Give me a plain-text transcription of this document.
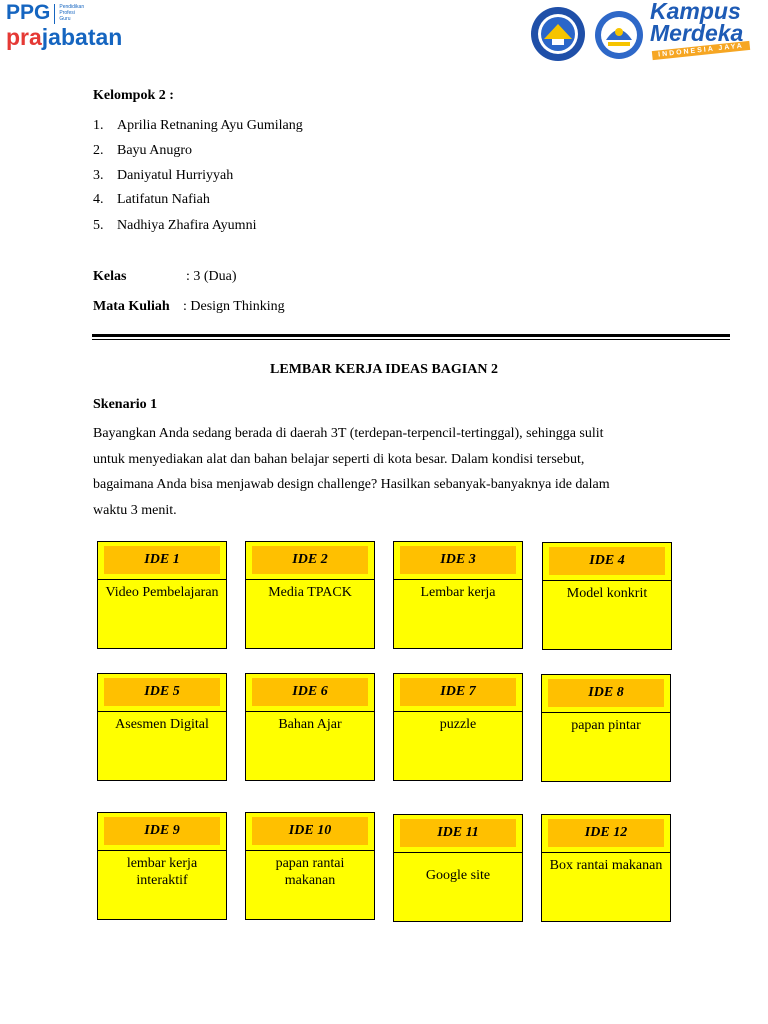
PPG Pendidikan
Profesi
Guru
prajabatan
Kampus
Merdeka
INDONESIA JAYA
Kelompok 2 :
1. Aprilia Retnaning Ayu Gumilang
2. Bayu Anugro
3. Daniyatul Hurriyyah
4. Latifatun Nafiah
5. Nadhiya Zhafira Ayumni
Kelas	: 3 (Dua)
Mata Kuliah : Design Thinking
LEMBAR KERJA IDEAS BAGIAN 2
Skenario 1
Bayangkan Anda sedang berada di daerah 3T (terdepan-terpencil-tertinggal), sehingga sulit
untuk menyediakan alat dan bahan belajar seperti di kota besar. Dalam kondisi tersebut,
bagaimana Anda bisa menjawab design challenge? Hasilkan sebanyak-banyaknya ide dalam
waktu 3 menit.
IDE 1
Video Pembelajaran
IDE 2
Media TPACK
IDE 3
Lembar kerja
IDE 4
Model konkrit
IDE 5
Asesmen Digital
IDE 6
Bahan Ajar
IDE 7
puzzle
IDE 8
papan pintar
IDE 9
lembar kerja interaktif
IDE 10
papan rantai makanan
IDE 11
Google site
IDE 12
Box rantai makanan
